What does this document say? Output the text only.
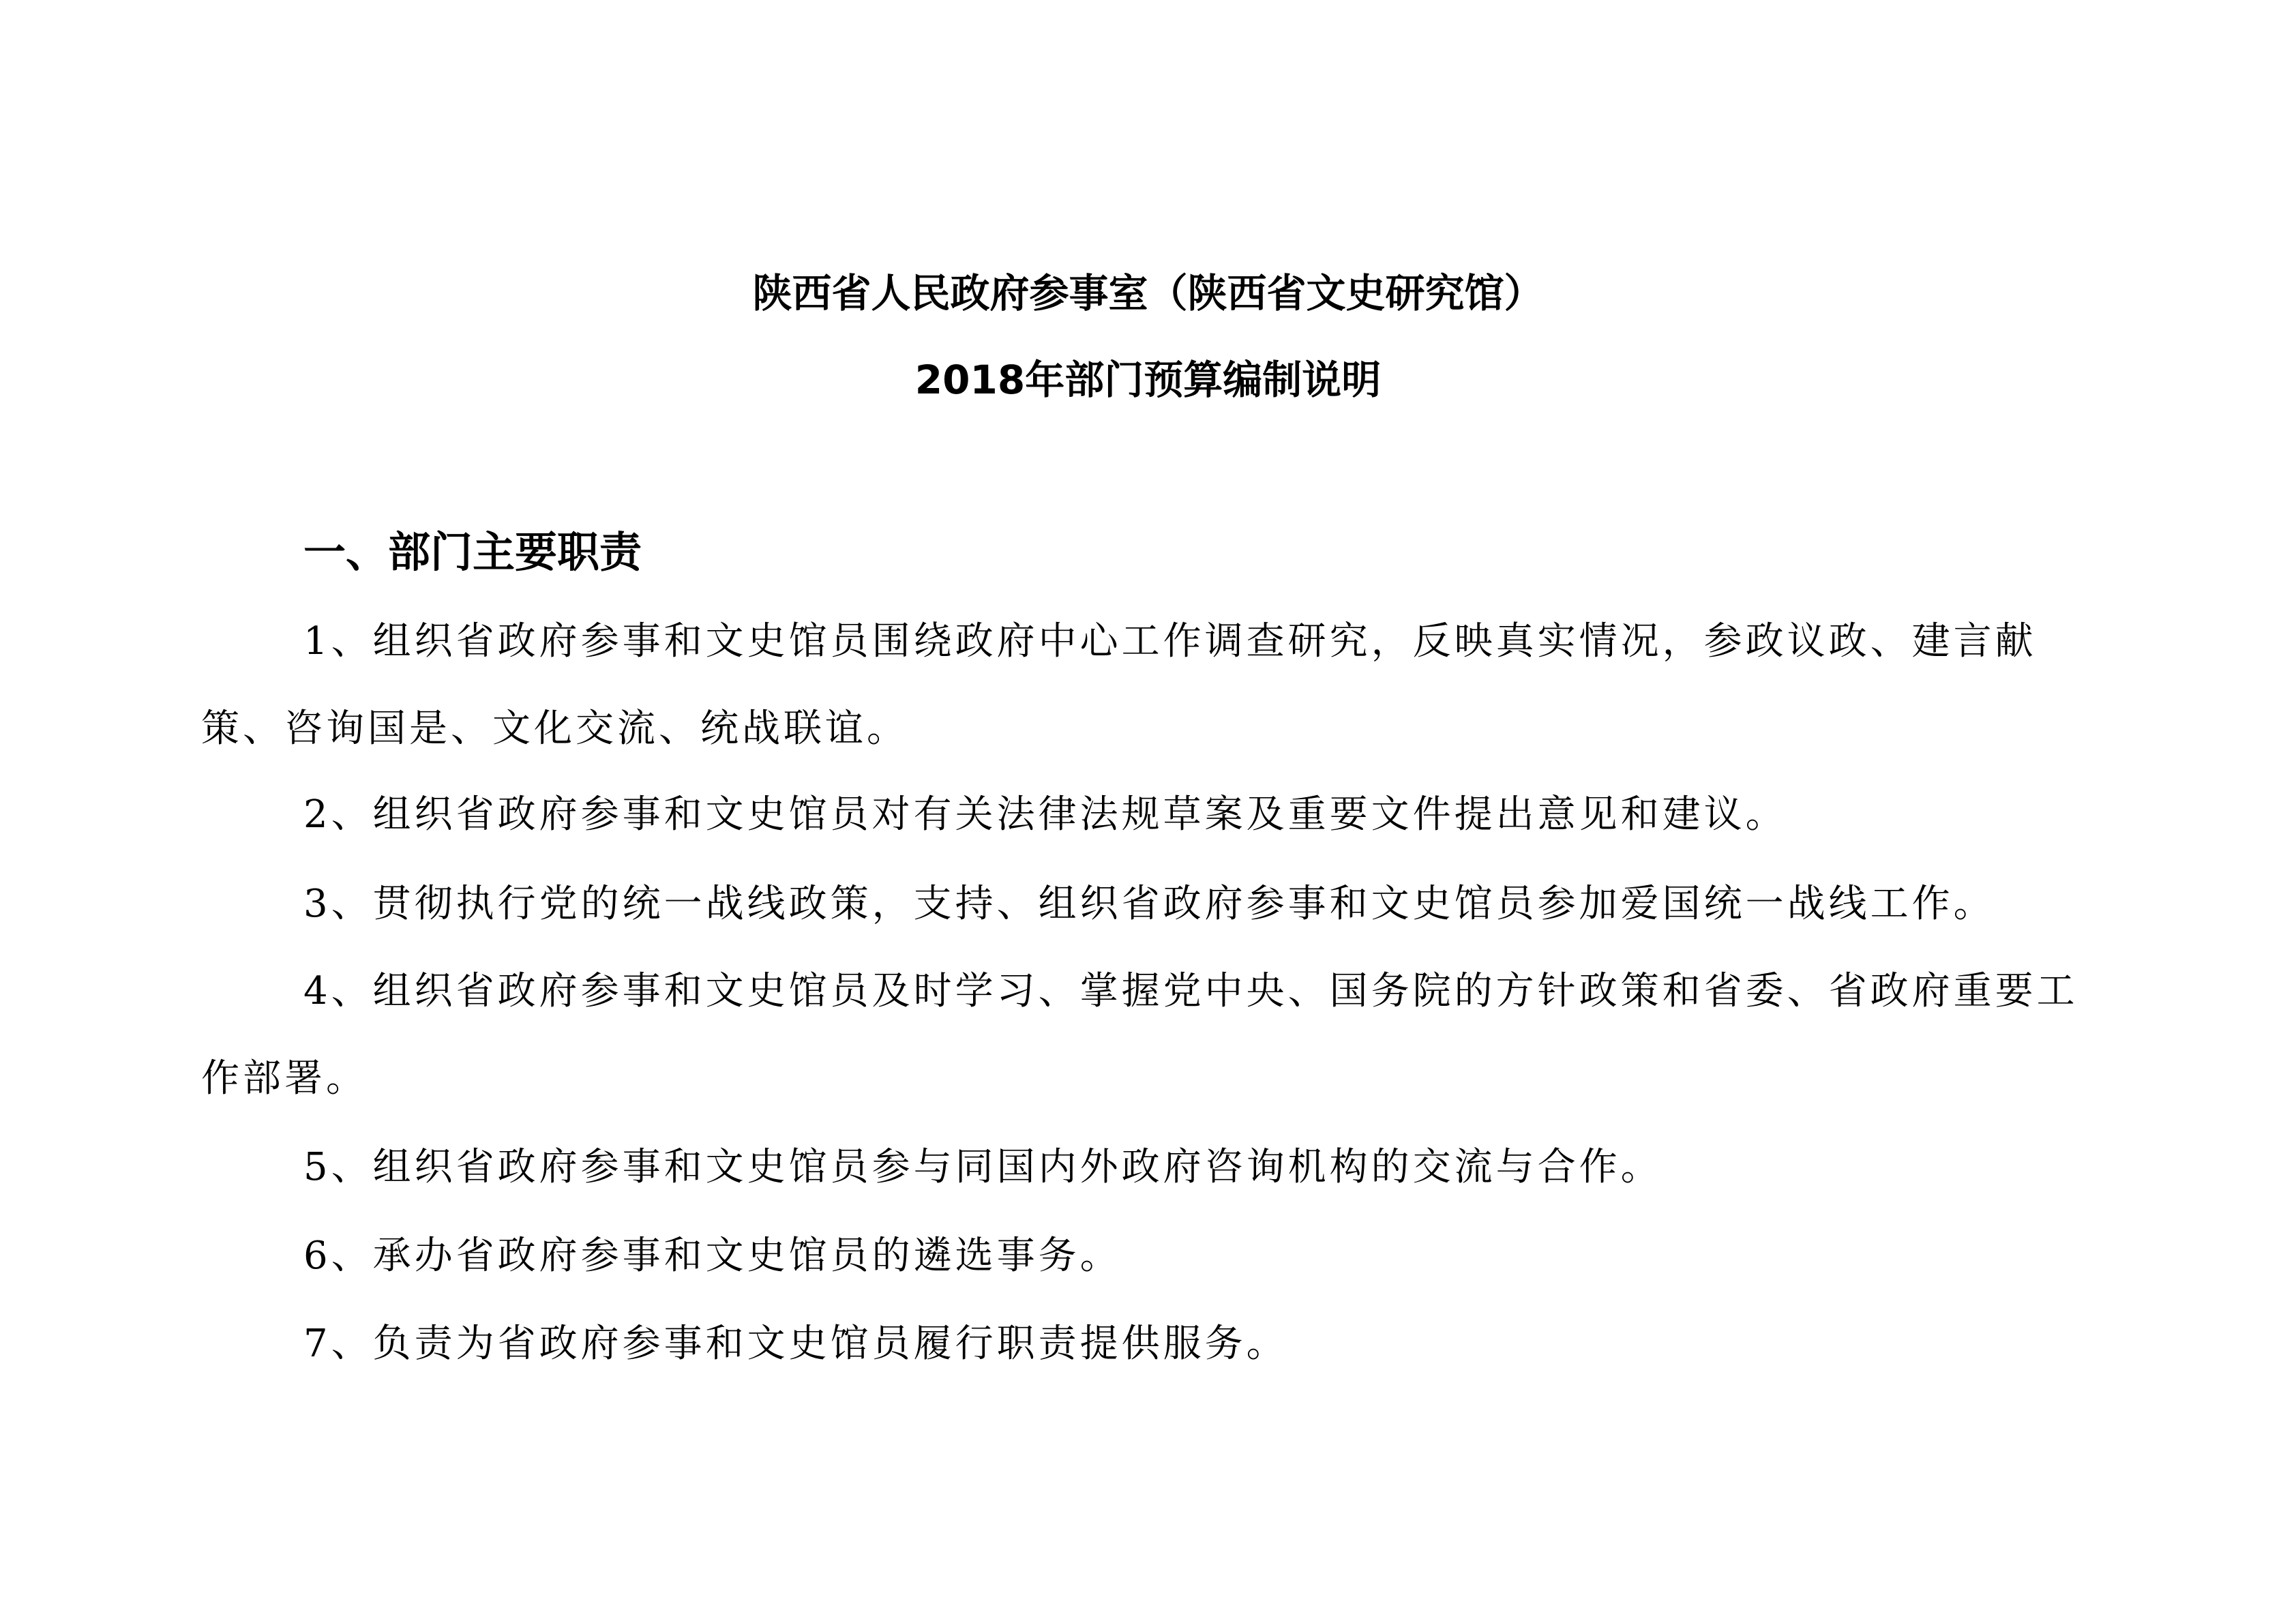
陕西省人民政府参事室（陕西省文史研究馆）
2018年部门预算编制说明
一、部门主要职责

1、组织省政府参事和文史馆员围绕政府中心工作调查研究，反映真实情况，参政议政、建言献策、咨询国是、文化交流、统战联谊。

2、组织省政府参事和文史馆员对有关法律法规草案及重要文件提出意见和建议。

3、贯彻执行党的统一战线政策，支持、组织省政府参事和文史馆员参加爱国统一战线工作。

4、组织省政府参事和文史馆员及时学习、掌握党中央、国务院的方针政策和省委、省政府重要工作部署。

5、组织省政府参事和文史馆员参与同国内外政府咨询机构的交流与合作。

6、承办省政府参事和文史馆员的遴选事务。

7、负责为省政府参事和文史馆员履行职责提供服务。
